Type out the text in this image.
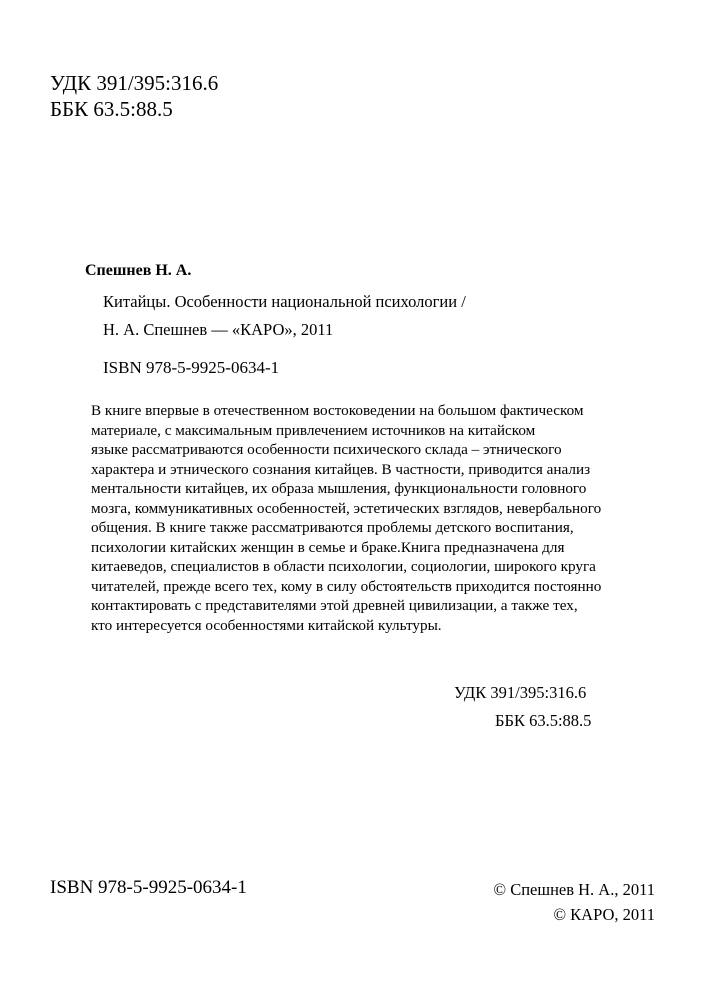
УДК 391/395:316.6
ББК 63.5:88.5
Спешнев Н. А.
Китайцы. Особенности национальной психологии /
Н. А. Спешнев — «КАРО», 2011
ISBN 978-5-9925-0634-1
В книге впервые в отечественном востоковедении на большом фактическом
материале, с максимальным привлечением источников на китайском
языке рассматриваются особенности психического склада – этнического
характера и этнического сознания китайцев. В частности, приводится анализ
ментальности китайцев, их образа мышления, функциональности головного
мозга, коммуникативных особенностей, эстетических взглядов, невербального
общения. В книге также рассматриваются проблемы детского воспитания,
психологии китайских женщин в семье и браке.Книга предназначена для
китаеведов, специалистов в области психологии, социологии, широкого круга
читателей, прежде всего тех, кому в силу обстоятельств приходится постоянно
контактировать с представителями этой древней цивилизации, а также тех,
кто интересуется особенностями китайской культуры.
УДК 391/395:316.6
ББК 63.5:88.5
ISBN 978-5-9925-0634-1	© Спешнев Н. А., 2011
© КАРО, 2011
